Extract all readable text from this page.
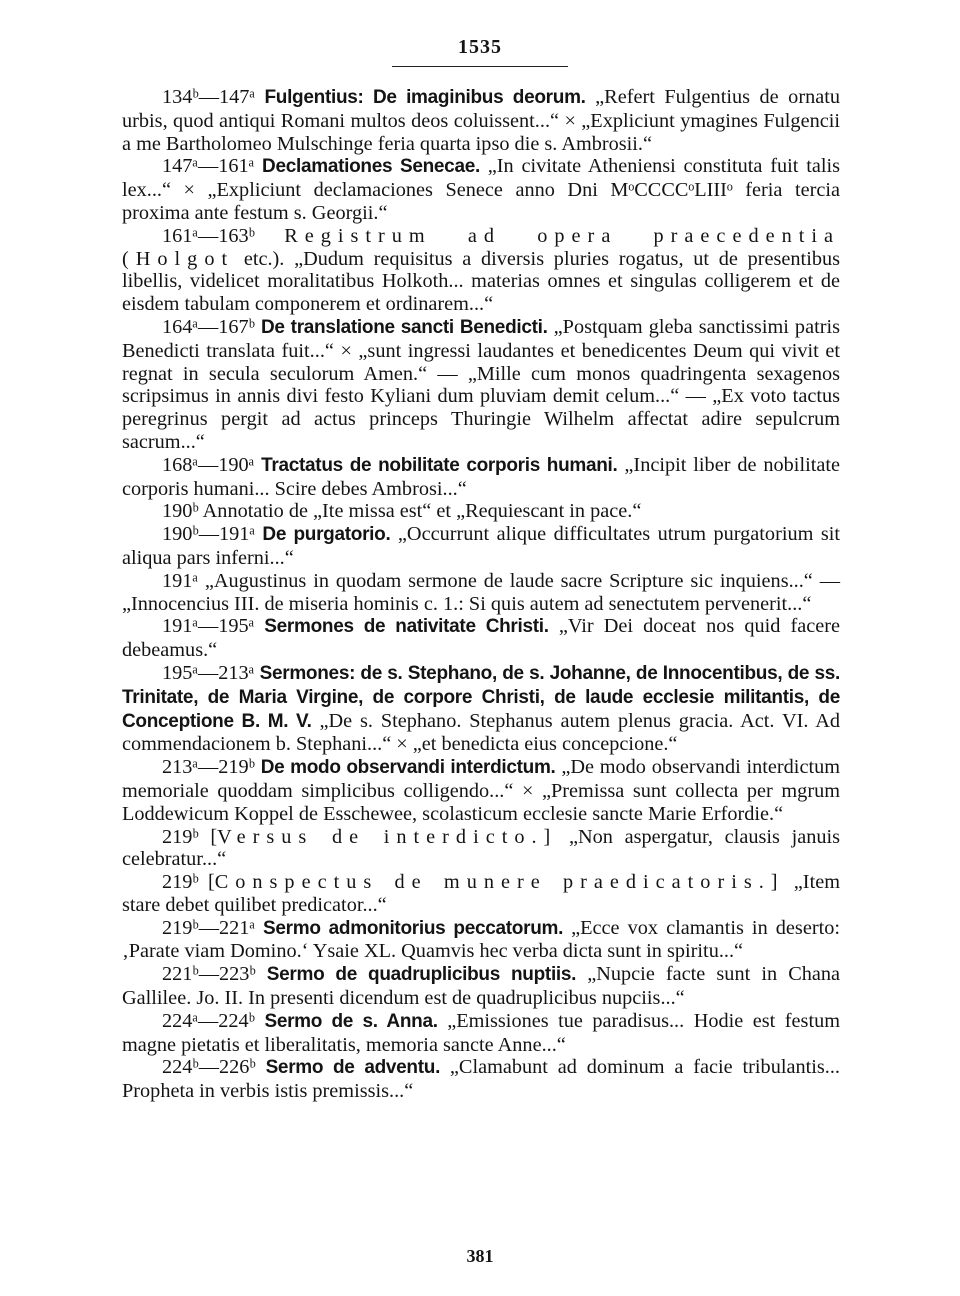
1535

134ᵇ—147ᵃ Fulgentius: De imaginibus deorum. „Refert Fulgentius de ornatu urbis, quod antiqui Romani multos deos coluissent...“ × „Expliciunt ymagines Fulgencii a me Bartholomeo Mulschinge feria quarta ipso die s. Ambrosii.“

147ᵃ—161ᵃ Declamationes Senecae. „In civitate Atheniensi constituta fuit talis lex...“ × „Expliciunt declamaciones Senece anno Dni MᵒCCCCᵒLIIIᵒ feria tercia proxima ante festum s. Georgii.“

161ᵃ—163ᵇ Registrum ad opera praecedentia (Holgot etc.). „Dudum requisitus a diversis pluries rogatus, ut de presentibus libellis, videlicet moralitatibus Holkoth... materias omnes et singulas colligerem et de eisdem tabulam componerem et ordinarem...“

164ᵃ—167ᵇ De translatione sancti Benedicti. „Postquam gleba sanctissimi patris Benedicti translata fuit...“ × „sunt ingressi laudantes et benedicentes Deum qui vivit et regnat in secula seculorum Amen.“ — „Mille cum monos quadringenta sexagenos scripsimus in annis divi festo Kyliani dum pluviam demit celum...“ — „Ex voto tactus peregrinus pergit ad actus princeps Thuringie Wilhelm affectat adire sepulcrum sacrum...“

168ᵃ—190ᵃ Tractatus de nobilitate corporis humani. „Incipit liber de nobilitate corporis humani... Scire debes Ambrosi...“

190ᵇ Annotatio de „Ite missa est“ et „Requiescant in pace.“

190ᵇ—191ᵃ De purgatorio. „Occurrunt alique difficultates utrum purgatorium sit aliqua pars inferni...“

191ᵃ „Augustinus in quodam sermone de laude sacre Scripture sic inquiens...“ — „Innocencius III. de miseria hominis c. 1.: Si quis autem ad senectutem pervenerit...“

191ᵃ—195ᵃ Sermones de nativitate Christi. „Vir Dei doceat nos quid facere debeamus.“

195ᵃ—213ᵃ Sermones: de s. Stephano, de s. Johanne, de Innocentibus, de ss. Trinitate, de Maria Virgine, de corpore Christi, de laude ecclesie militantis, de Conceptione B. M. V. „De s. Stephano. Stephanus autem plenus gracia. Act. VI. Ad commendacionem b. Stephani...“ × „et benedicta eius concepcione.“

213ᵃ—219ᵇ De modo observandi interdictum. „De modo observandi interdictum memoriale quoddam simplicibus colligendo...“ × „Premissa sunt collecta per mgrum Loddewicum Koppel de Esschewee, scolasticum ecclesie sancte Marie Erfordie.“

219ᵇ [Versus de interdicto.] „Non aspergatur, clausis januis celebratur...“

219ᵇ [Conspectus de munere praedicatoris.] „Item stare debet quilibet predicator...“

219ᵇ—221ᵃ Sermo admonitorius peccatorum. „Ecce vox clamantis in deserto: ‚Parate viam Domino.‘ Ysaie XL. Quamvis hec verba dicta sunt in spiritu...“

221ᵇ—223ᵇ Sermo de quadruplicibus nuptiis. „Nupcie facte sunt in Chana Gallilee. Jo. II. In presenti dicendum est de quadruplicibus nupciis...“

224ᵃ—224ᵇ Sermo de s. Anna. „Emissiones tue paradisus... Hodie est festum magne pietatis et liberalitatis, memoria sancte Anne...“

224ᵇ—226ᵇ Sermo de adventu. „Clamabunt ad dominum a facie tribulantis... Propheta in verbis istis premissis...“

381
